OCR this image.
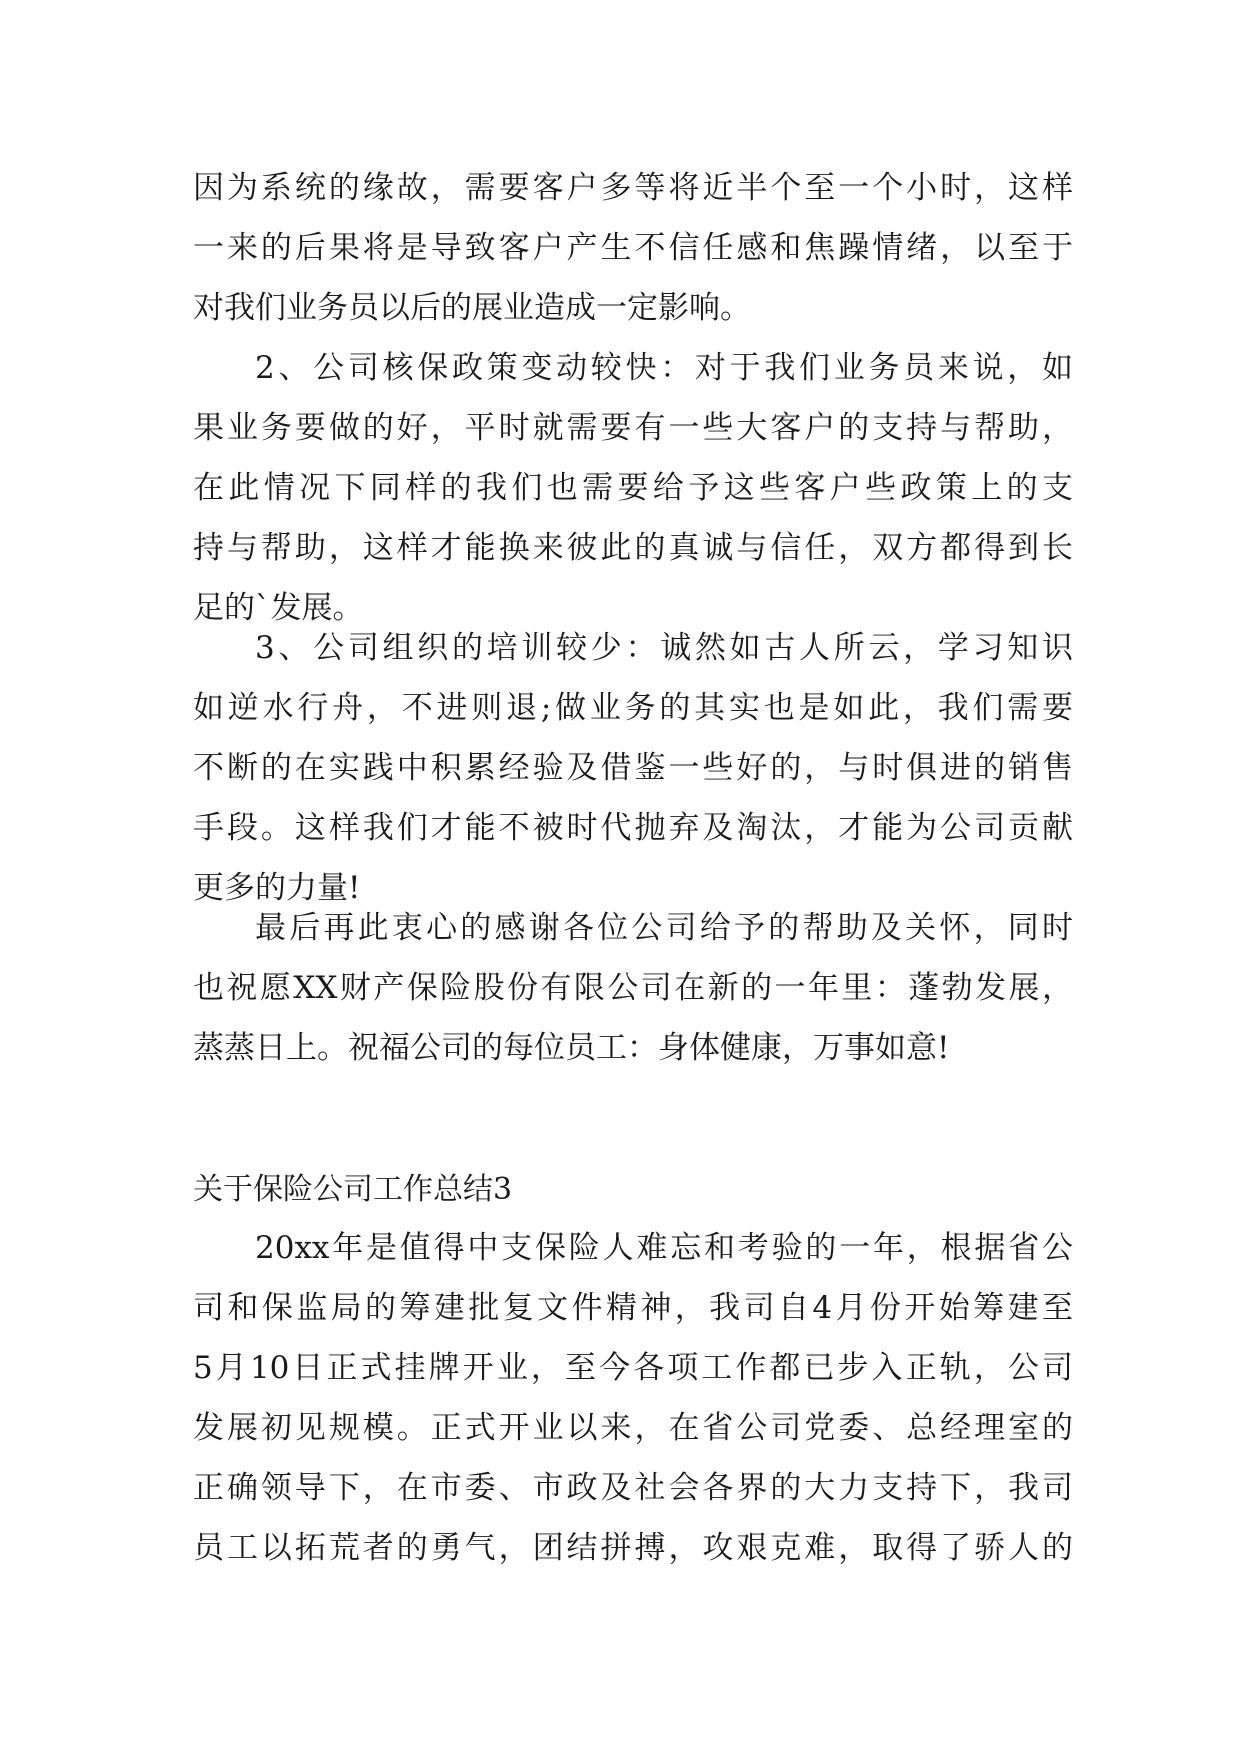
因为系统的缘故，需要客户多等将近半个至一个小时，这样
一来的后果将是导致客户产生不信任感和焦躁情绪，以至于
对我们业务员以后的展业造成一定影响。
2、公司核保政策变动较快：对于我们业务员来说，如
果业务要做的好，平时就需要有一些大客户的支持与帮助，
在此情况下同样的我们也需要给予这些客户些政策上的支
持与帮助，这样才能换来彼此的真诚与信任，双方都得到长
足的`发展。
3、公司组织的培训较少：诚然如古人所云，学习知识
如逆水行舟，不进则退;做业务的其实也是如此，我们需要
不断的在实践中积累经验及借鉴一些好的，与时俱进的销售
手段。这样我们才能不被时代抛弃及淘汰，才能为公司贡献
更多的力量!
最后再此衷心的感谢各位公司给予的帮助及关怀，同时
也祝愿XX财产保险股份有限公司在新的一年里：蓬勃发展，
蒸蒸日上。祝福公司的每位员工：身体健康，万事如意!
关于保险公司工作总结3
20xx年是值得中支保险人难忘和考验的一年，根据省公
司和保监局的筹建批复文件精神，我司自4月份开始筹建至
5月10日正式挂牌开业，至今各项工作都已步入正轨，公司
发展初见规模。正式开业以来，在省公司党委、总经理室的
正确领导下，在市委、市政及社会各界的大力支持下，我司
员工以拓荒者的勇气，团结拼搏，攻艰克难，取得了骄人的
